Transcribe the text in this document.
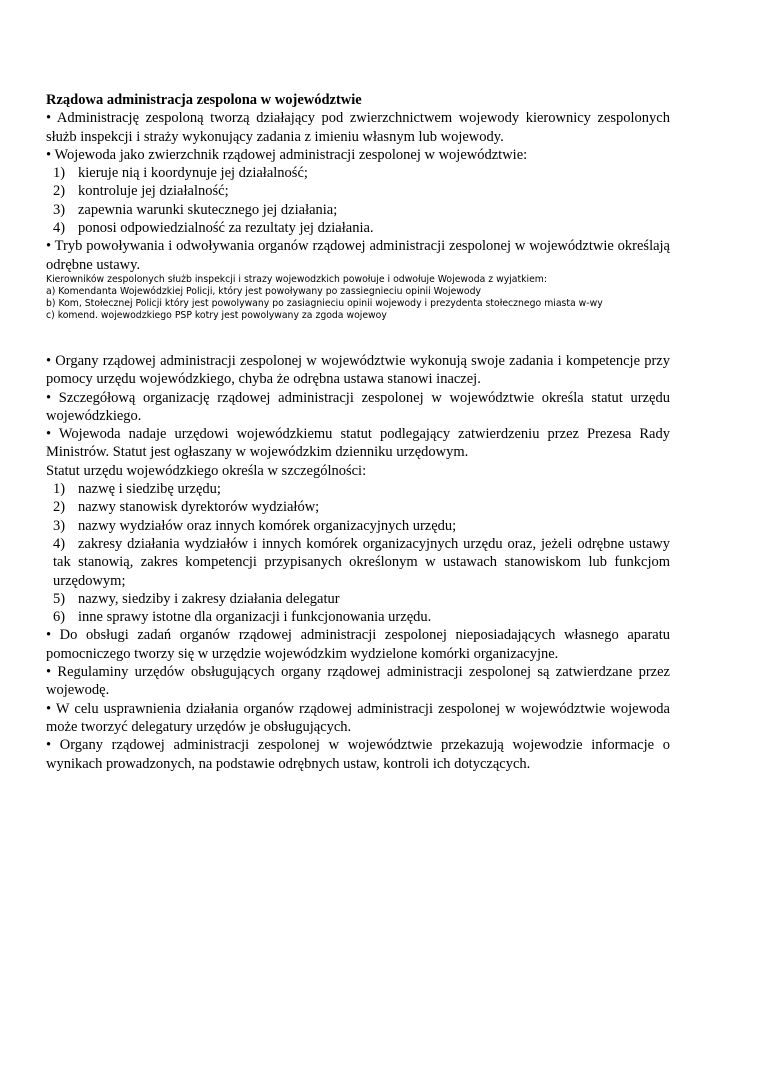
Rządowa administracja zespolona w województwie

• Administrację zespoloną tworzą działający pod zwierzchnictwem wojewody kierownicy zespolonych służb inspekcji i straży wykonujący zadania z imieniu własnym lub wojewody.

• Wojewoda jako zwierzchnik rządowej administracji zespolonej w województwie:

1) kieruje nią i koordynuje jej działalność;
2) kontroluje jej działalność;
3) zapewnia warunki skutecznego jej działania;
4) ponosi odpowiedzialność za rezultaty jej działania.

• Tryb powoływania i odwoływania organów rządowej administracji zespolonej w województwie określają odrębne ustawy.

Kierowników zespolonych służb inspekcji i strazy wojewodzkich powołuje i odwołuje Wojewoda z wyjatkiem:

a) Komendanta Wojewódzkiej Policji, który jest powoływany po zassiegnieciu opinii Wojewody

b) Kom, Stołecznej Policji który jest powolywany po zasiagnieciu opinii wojewody i prezydenta stołecznego miasta w-wy

c) komend. wojewodzkiego PSP kotry jest powolywany za zgoda wojewoy

• Organy rządowej administracji zespolonej w województwie wykonują swoje zadania i kompetencje przy pomocy urzędu wojewódzkiego, chyba że odrębna ustawa stanowi inaczej.

• Szczegółową organizację rządowej administracji zespolonej w województwie określa statut urzędu wojewódzkiego.

• Wojewoda nadaje urzędowi wojewódzkiemu statut podlegający zatwierdzeniu przez Prezesa Rady Ministrów. Statut jest ogłaszany w wojewódzkim dzienniku urzędowym.

Statut urzędu wojewódzkiego określa w szczególności:

1) nazwę i siedzibę urzędu;
2) nazwy stanowisk dyrektorów wydziałów;
3) nazwy wydziałów oraz innych komórek organizacyjnych urzędu;
4) zakresy działania wydziałów i innych komórek organizacyjnych urzędu oraz, jeżeli odrębne ustawy tak stanowią, zakres kompetencji przypisanych określonym w ustawach stanowiskom lub funkcjom urzędowym;
5) nazwy, siedziby i zakresy działania delegatur
6) inne sprawy istotne dla organizacji i funkcjonowania urzędu.

• Do obsługi zadań organów rządowej administracji zespolonej nieposiadających własnego aparatu pomocniczego tworzy się w urzędzie wojewódzkim wydzielone komórki organizacyjne.

• Regulaminy urzędów obsługujących organy rządowej administracji zespolonej są zatwierdzane przez wojewodę.

• W celu usprawnienia działania organów rządowej administracji zespolonej w województwie wojewoda może tworzyć delegatury urzędów je obsługujących.

• Organy rządowej administracji zespolonej w województwie przekazują wojewodzie informacje o wynikach prowadzonych, na podstawie odrębnych ustaw, kontroli ich dotyczących.
